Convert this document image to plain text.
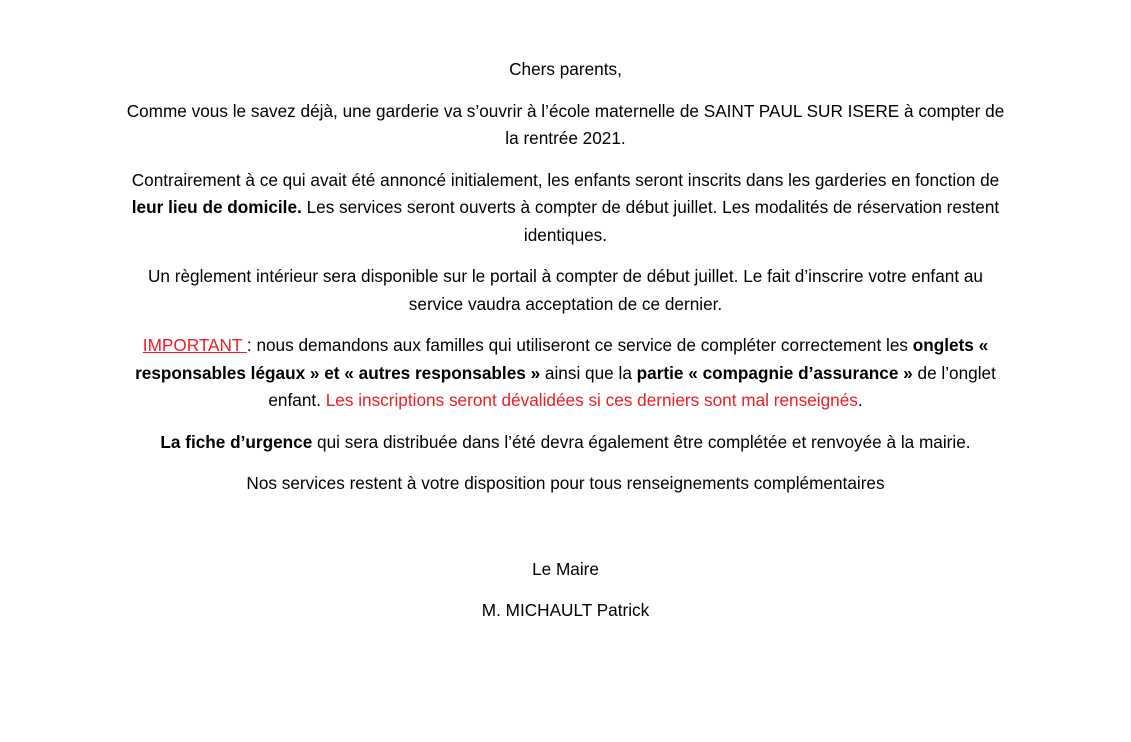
Chers parents,

Comme vous le savez déjà, une garderie va s’ouvrir à l’école maternelle de SAINT PAUL SUR ISERE à compter de la rentrée 2021.

Contrairement à ce qui avait été annoncé initialement, les enfants seront inscrits dans les garderies en fonction de leur lieu de domicile. Les services seront ouverts à compter de début juillet. Les modalités de réservation restent identiques.

Un règlement intérieur sera disponible sur le portail à compter de début juillet. Le fait d’inscrire votre enfant au service vaudra acceptation de ce dernier.

IMPORTANT : nous demandons aux familles qui utiliseront ce service de compléter correctement les onglets « responsables légaux » et « autres responsables » ainsi que la partie « compagnie d’assurance » de l’onglet enfant. Les inscriptions seront dévalidées si ces derniers sont mal renseignés.

La fiche d’urgence qui sera distribuée dans l’été devra également être complétée et renvoyée à la mairie.

Nos services restent à votre disposition pour tous renseignements complémentaires

Le Maire

M. MICHAULT Patrick
